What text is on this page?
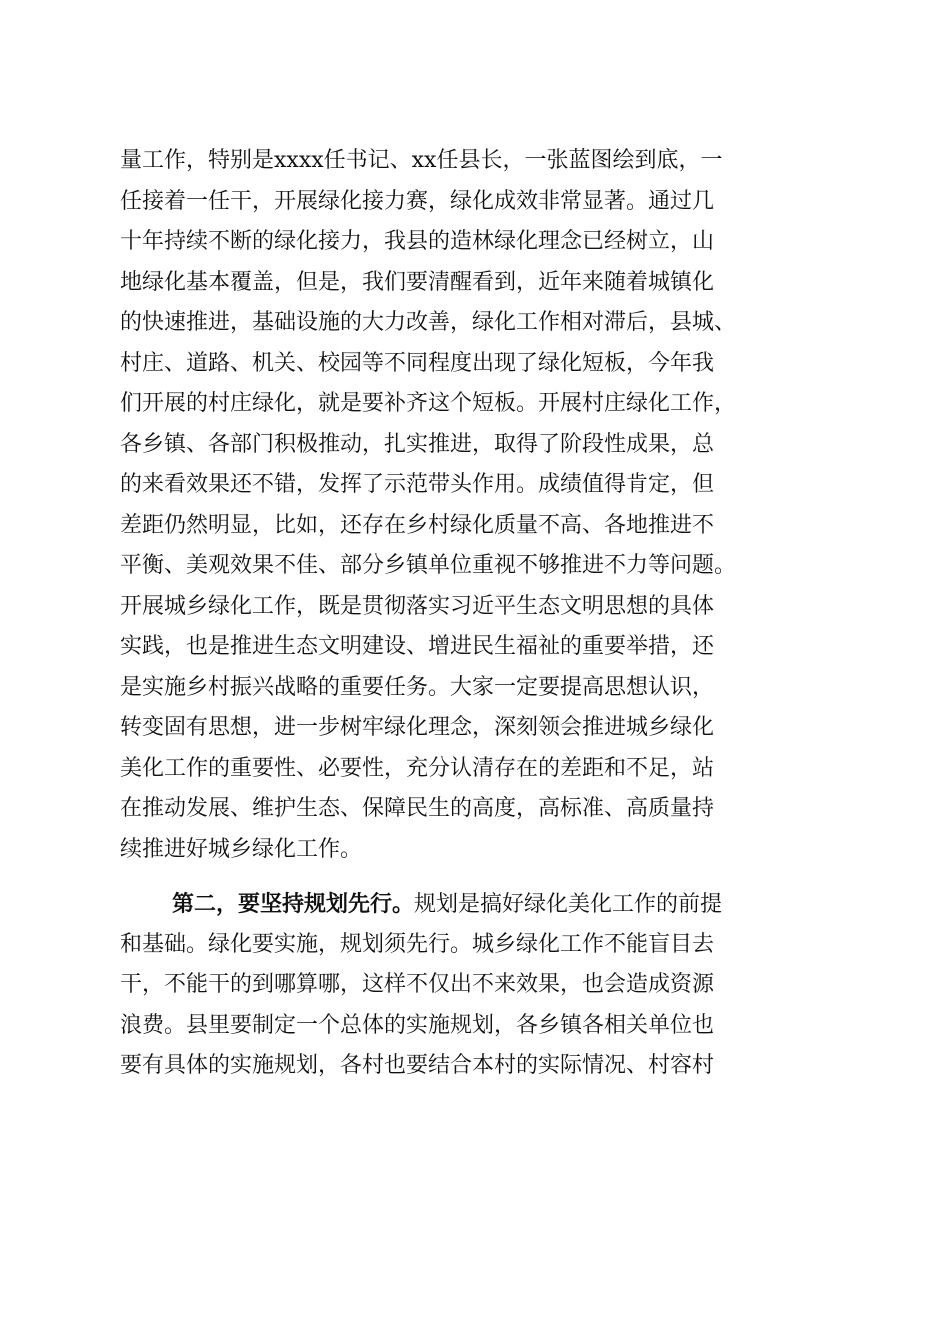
量工作，特别是xxxx任书记、xx任县长，一张蓝图绘到底，一
任接着一任干，开展绿化接力赛，绿化成效非常显著。通过几
十年持续不断的绿化接力，我县的造林绿化理念已经树立，山
地绿化基本覆盖，但是，我们要清醒看到，近年来随着城镇化
的快速推进，基础设施的大力改善，绿化工作相对滞后，县城、
村庄、道路、机关、校园等不同程度出现了绿化短板，今年我
们开展的村庄绿化，就是要补齐这个短板。开展村庄绿化工作，
各乡镇、各部门积极推动，扎实推进，取得了阶段性成果，总
的来看效果还不错，发挥了示范带头作用。成绩值得肯定，但
差距仍然明显，比如，还存在乡村绿化质量不高、各地推进不
平衡、美观效果不佳、部分乡镇单位重视不够推进不力等问题。
开展城乡绿化工作，既是贯彻落实习近平生态文明思想的具体
实践，也是推进生态文明建设、增进民生福祉的重要举措，还
是实施乡村振兴战略的重要任务。大家一定要提高思想认识，
转变固有思想，进一步树牢绿化理念，深刻领会推进城乡绿化
美化工作的重要性、必要性，充分认清存在的差距和不足，站
在推动发展、维护生态、保障民生的高度，高标准、高质量持
续推进好城乡绿化工作。
第二，要坚持规划先行。规划是搞好绿化美化工作的前提
和基础。绿化要实施，规划须先行。城乡绿化工作不能盲目去
干，不能干的到哪算哪，这样不仅出不来效果，也会造成资源
浪费。县里要制定一个总体的实施规划，各乡镇各相关单位也
要有具体的实施规划，各村也要结合本村的实际情况、村容村
